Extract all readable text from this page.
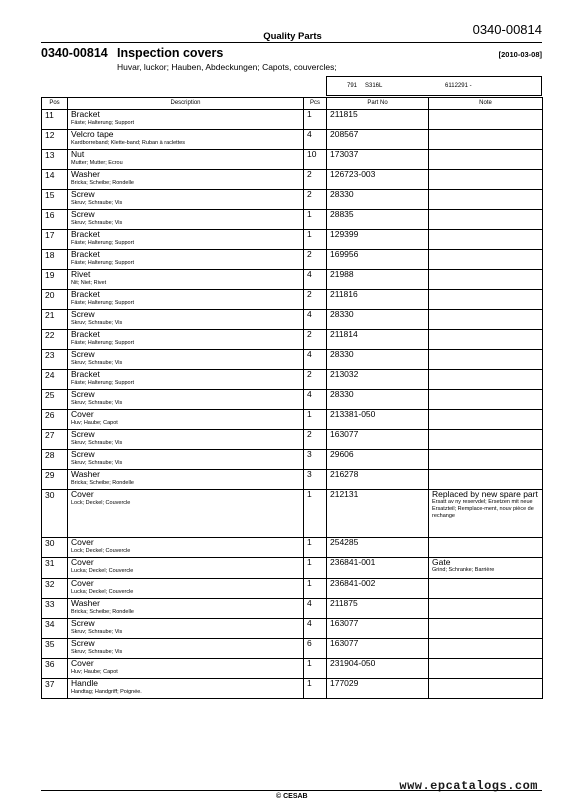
Quality Parts	0340-00814
0340-00814 Inspection covers	[2010-03-08]
Huvar, luckor; Hauben, Abdeckungen; Capots, couvercles;
791 S316L	6112291 -
Pos	Description	Pcs	Part No	Note
11	Bracket
Fäste; Halterung; Support	1	211815	
12	Velcro tape
Kardborreband; Klette-band; Ruban à raclettes	4	208567	
13	Nut
Mutter; Mutter; Ecrou	10	173037	
14	Washer
Bricka; Scheibe; Rondelle	2	126723-003	
15	Screw
Skruv; Schraube; Vis	2	28330	
16	Screw
Skruv; Schraube; Vis	1	28835	
17	Bracket
Fäste; Halterung; Support	1	129399	
18	Bracket
Fäste; Halterung; Support	2	169956	
19	Rivet
Nit; Niet; Rivet	4	21988	
20	Bracket
Fäste; Halterung; Support	2	211816	
21	Screw
Skruv; Schraube; Vis	4	28330	
22	Bracket
Fäste; Halterung; Support	2	211814	
23	Screw
Skruv; Schraube; Vis	4	28330	
24	Bracket
Fäste; Halterung; Support	2	213032	
25	Screw
Skruv; Schraube; Vis	4	28330	
26	Cover
Huv; Haube; Capot	1	213381-050	
27	Screw
Skruv; Schraube; Vis	2	163077	
28	Screw
Skruv; Schraube; Vis	3	29606	
29	Washer
Bricka; Scheibe; Rondelle	3	216278	
30	Cover
Lock; Deckel; Couvercle	1	212131	Replaced by new spare part
Ersatt av ny reservdel; Ersetzen mit neue Ersatzteil; Remplace-ment, nouv pièce de rechange

30	Cover
Lock; Deckel; Couvercle	1	254285	
31	Cover
Lucka; Deckel; Couvercle	1	236841-001	Gate
Grind; Schranke; Barrière

32	Cover
Lucka; Deckel; Couvercle	1	236841-002	
33	Washer
Bricka; Scheibe; Rondelle	4	211875	
34	Screw
Skruv; Schraube; Vis	4	163077	
35	Screw
Skruv; Schraube; Vis	6	163077	
36	Cover
Huv; Haube; Capot	1	231904-050	
37	Handle
Handtag; Handgriff; Poignée.	1	177029	
www.epcatalogs.com
© CESAB
